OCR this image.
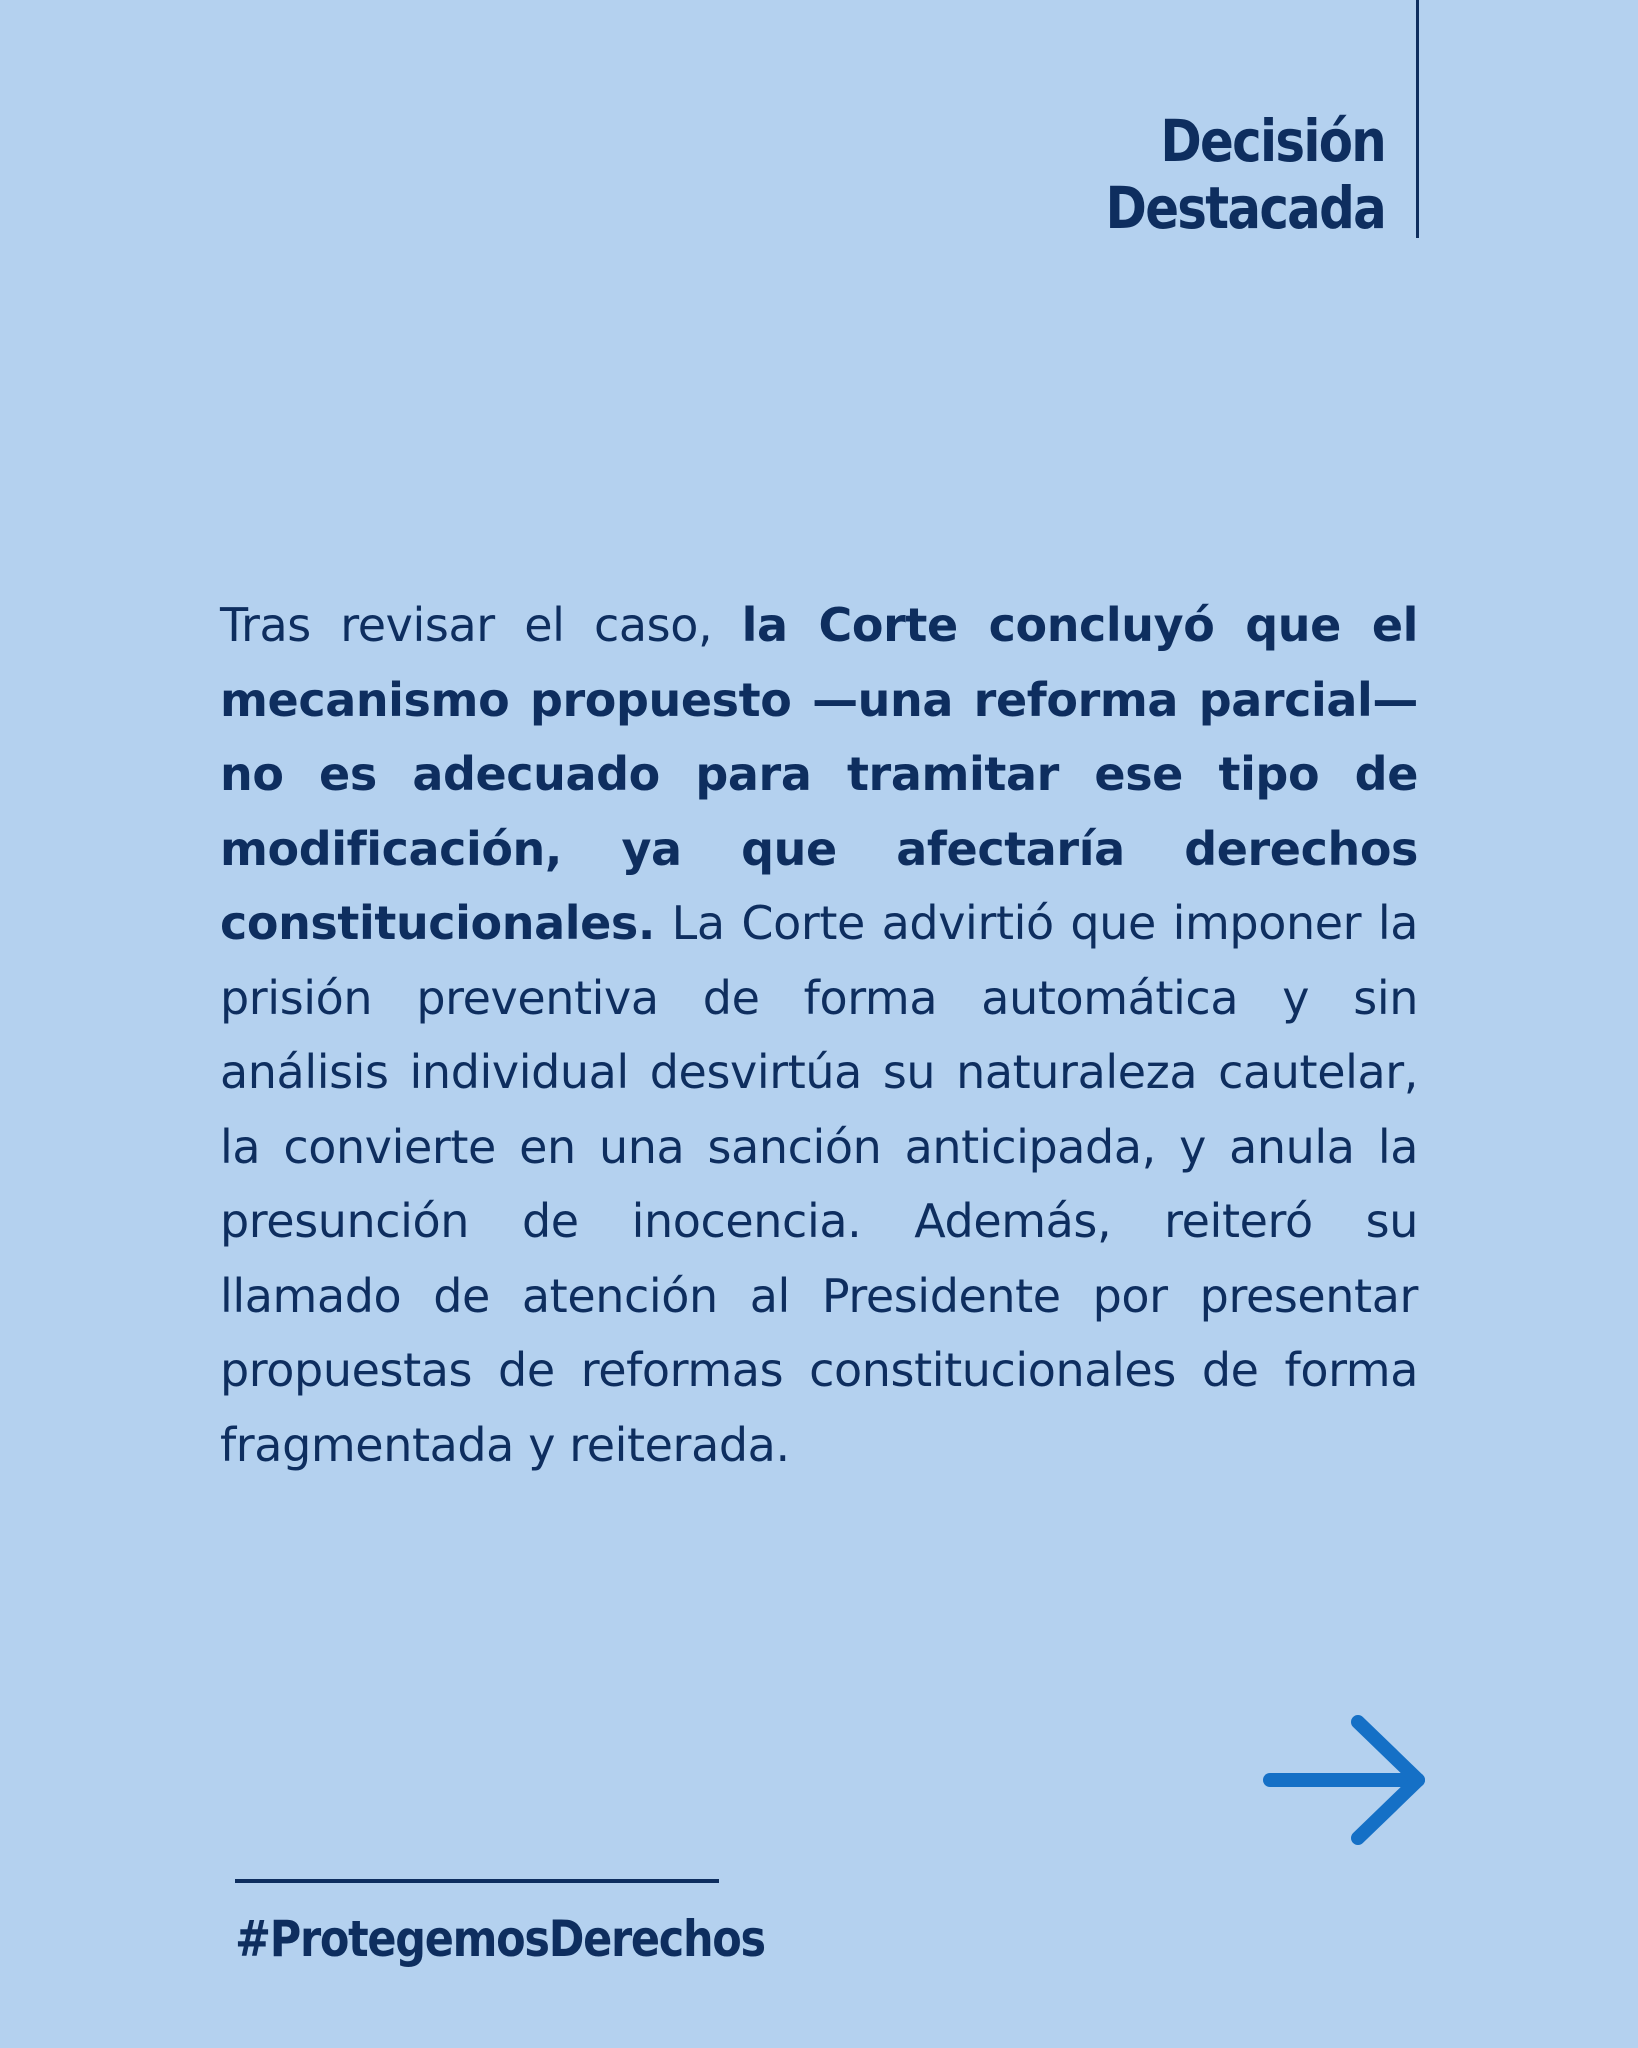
Decisión
Destacada
Tras revisar el caso, la Corte concluyó que el mecanismo propuesto —una reforma parcial— no es adecuado para tramitar ese tipo de modificación, ya que afectaría derechos constitucionales. La Corte advirtió que imponer la prisión preventiva de forma automática y sin análisis individual desvirtúa su naturaleza cautelar, la convierte en una sanción anticipada, y anula la presunción de inocencia. Además, reiteró su llamado de atención al Presidente por presentar propuestas de reformas constitucionales de forma fragmentada y reiterada.
#ProtegemosDerechos
